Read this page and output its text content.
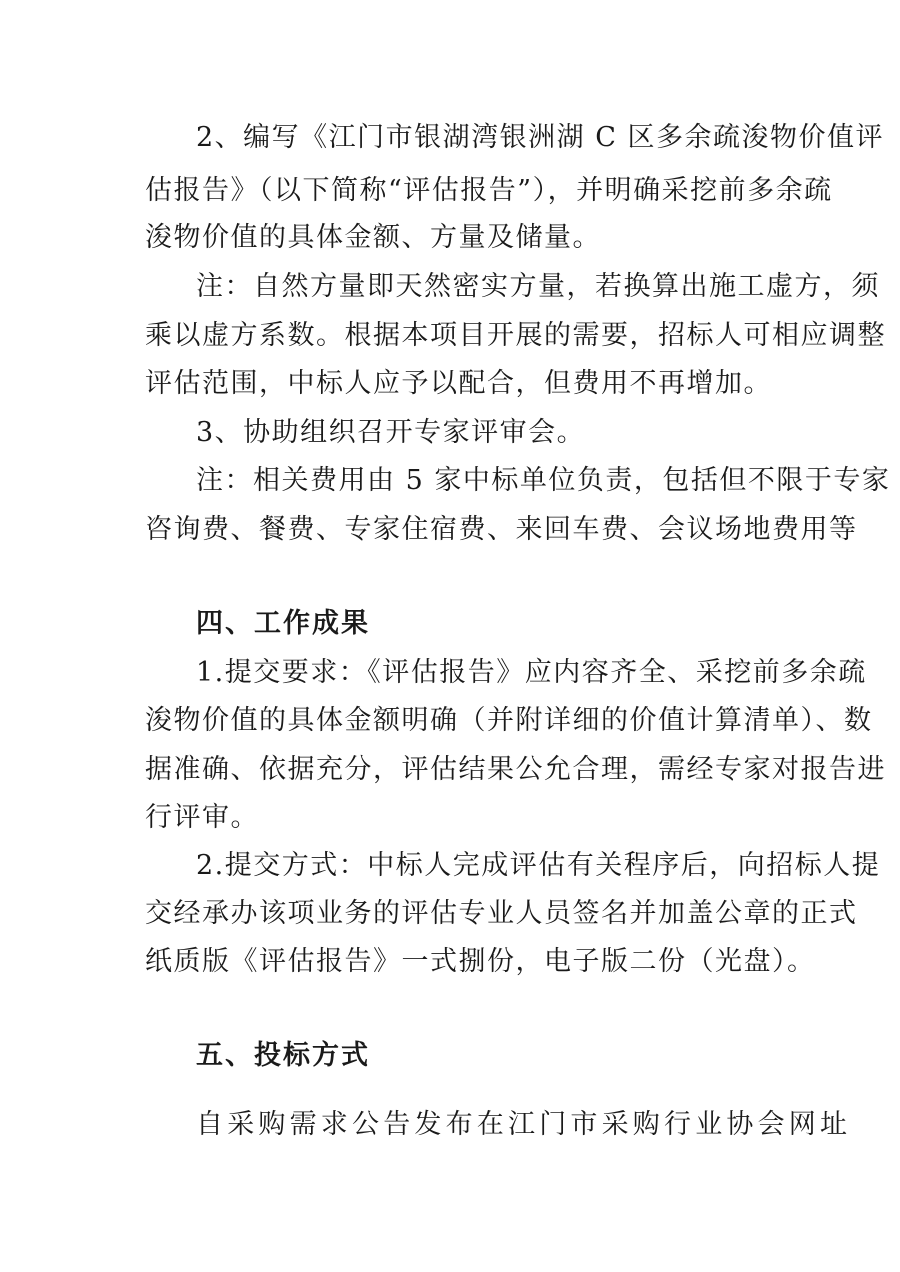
2、编写《江门市银湖湾银洲湖 C 区多余疏浚物价值评
估报告》（以下简称“评估报告”），并明确采挖前多余疏
浚物价值的具体金额、方量及储量。
注：自然方量即天然密实方量，若换算出施工虚方，须
乘以虚方系数。根据本项目开展的需要，招标人可相应调整
评估范围，中标人应予以配合，但费用不再增加。
3、协助组织召开专家评审会。
注：相关费用由 5 家中标单位负责，包括但不限于专家
咨询费、餐费、专家住宿费、来回车费、会议场地费用等
四、工作成果
1.提交要求：《评估报告》应内容齐全、采挖前多余疏
浚物价值的具体金额明确（并附详细的价值计算清单）、数
据准确、依据充分，评估结果公允合理，需经专家对报告进
行评审。
2.提交方式：中标人完成评估有关程序后，向招标人提
交经承办该项业务的评估专业人员签名并加盖公章的正式
纸质版《评估报告》一式捌份，电子版二份（光盘）。
五、投标方式
自采购需求公告发布在江门市采购行业协会网址
